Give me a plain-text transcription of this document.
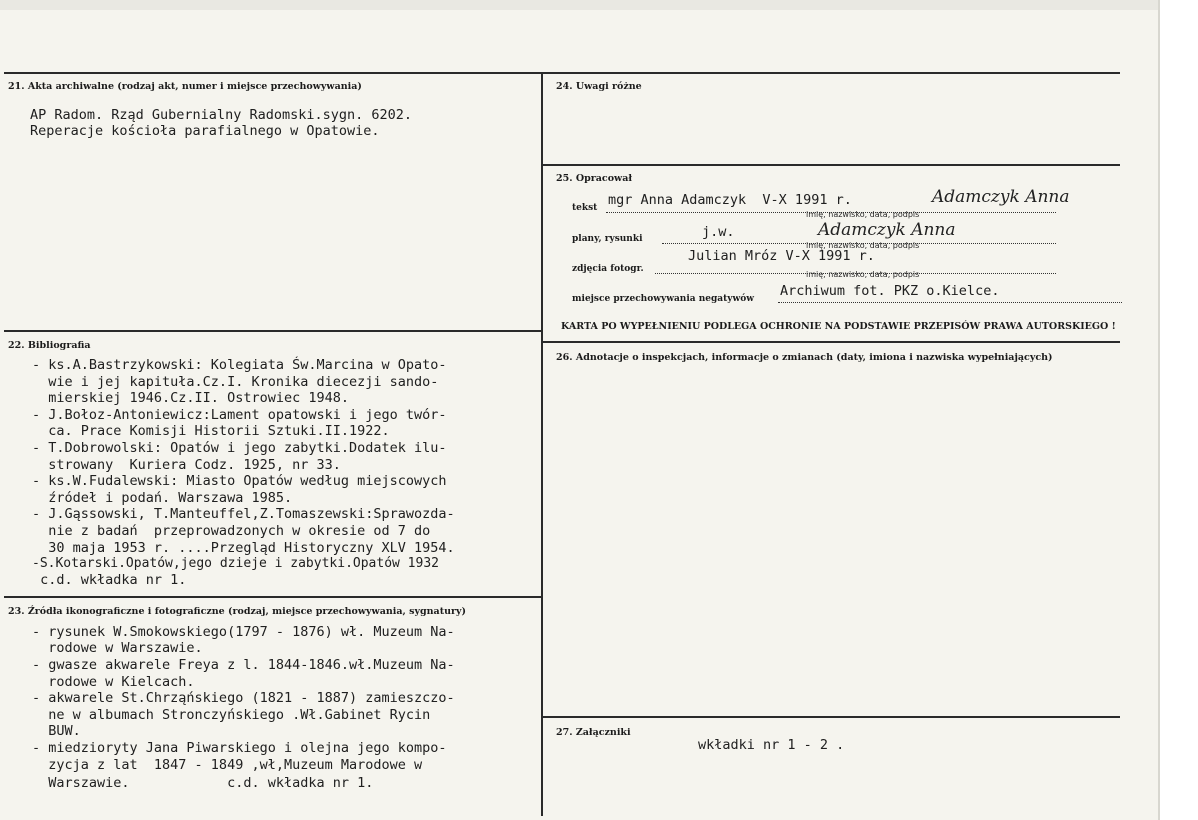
21. Akta archiwalne (rodzaj akt, numer i miejsce przechowywania)
AP Radom. Rząd Gubernialny Radomski.sygn. 6202.
Reperacje kościoła parafialnego w Opatowie.
22. Bibliografia
- ks.A.Bastrzykowski: Kolegiata Św.Marcina w Opato-
wie i jej kapituła.Cz.I. Kronika diecezji sando-
mierskiej 1946.Cz.II. Ostrowiec 1948.
- J.Bołoz-Antoniewicz:Lament opatowski i jego twór-
ca. Prace Komisji Historii Sztuki.II.1922.
- T.Dobrowolski: Opatów i jego zabytki.Dodatek ilu-
strowany  Kuriera Codz. 1925, nr 33.
- ks.W.Fudalewski: Miasto Opatów według miejscowych
źródeł i podań. Warszawa 1985.
- J.Gąssowski, T.Manteuffel,Z.Tomaszewski:Sprawozda-
nie z badań  przeprowadzonych w okresie od 7 do
30 maja 1953 r. ....Przegląd Historyczny XLV 1954.
-S.Kotarski.Opatów,jego dzieje i zabytki.Opatów 1932
c.d. wkładka nr 1.
23. Źródła ikonograficzne i fotograficzne (rodzaj, miejsce przechowywania, sygnatury)
- rysunek W.Smokowskiego(1797 - 1876) wł. Muzeum Na-
rodowe w Warszawie.
- gwasze akwarele Freya z l. 1844-1846.wł.Muzeum Na-
rodowe w Kielcach.
- akwarele St.Chrząńskiego (1821 - 1887) zamieszczo-
ne w albumach Stronczyńskiego .Wł.Gabinet Rycin
BUW.
- miedzioryty Jana Piwarskiego i olejna jego kompo-
zycja z lat  1847 - 1849 ,wł,Muzeum Marodowe w
Warszawie.            c.d. wkładka nr 1.
24. Uwagi różne
25. Opracował
tekst mgr Anna Adamczyk  V-X 1991 r.	Adamczyk Anna
imię, nazwisko, data, podpis
plany, rysunki	j.w.	Adamczyk Anna
imię, nazwisko, data, podpis
zdjęcia fotogr.
Julian Mróz V-X 1991 r.
imię, nazwisko, data, podpis
miejsce przechowywania negatywów Archiwum fot. PKZ o.Kielce.
KARTA PO WYPEŁNIENIU PODLEGA OCHRONIE NA PODSTAWIE PRZEPISÓW PRAWA AUTORSKIEGO !
26. Adnotacje o inspekcjach, informacje o zmianach (daty, imiona i nazwiska wypełniających)
27. Załączniki
wkładki nr 1 - 2 .
